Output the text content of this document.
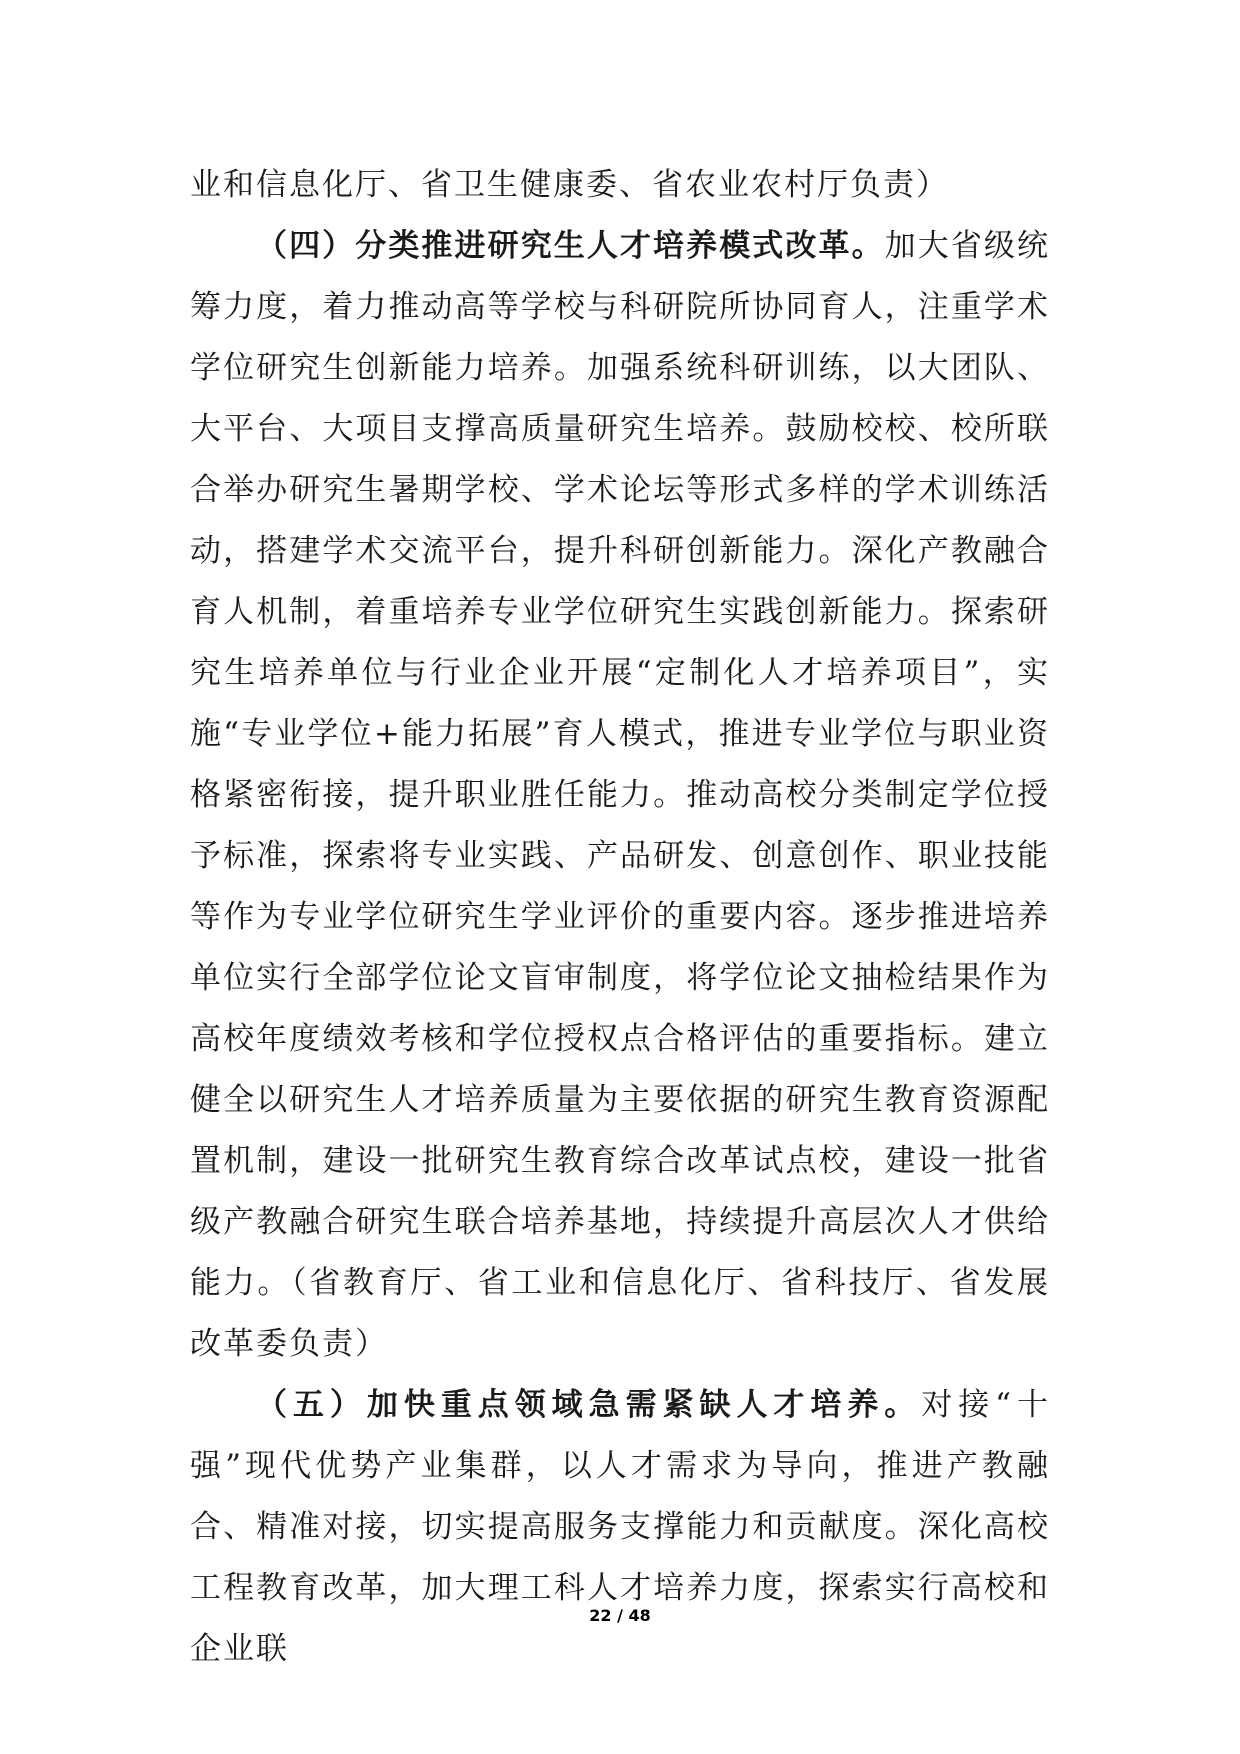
业和信息化厅、省卫生健康委、省农业农村厅负责）

（四）分类推进研究生人才培养模式改革。加大省级统筹力度，着力推动高等学校与科研院所协同育人，注重学术学位研究生创新能力培养。加强系统科研训练，以大团队、大平台、大项目支撑高质量研究生培养。鼓励校校、校所联合举办研究生暑期学校、学术论坛等形式多样的学术训练活动，搭建学术交流平台，提升科研创新能力。深化产教融合育人机制，着重培养专业学位研究生实践创新能力。探索研究生培养单位与行业企业开展“定制化人才培养项目”，实施“专业学位+能力拓展”育人模式，推进专业学位与职业资格紧密衔接，提升职业胜任能力。推动高校分类制定学位授予标准，探索将专业实践、产品研发、创意创作、职业技能等作为专业学位研究生学业评价的重要内容。逐步推进培养单位实行全部学位论文盲审制度，将学位论文抽检结果作为高校年度绩效考核和学位授权点合格评估的重要指标。建立健全以研究生人才培养质量为主要依据的研究生教育资源配置机制，建设一批研究生教育综合改革试点校，建设一批省级产教融合研究生联合培养基地，持续提升高层次人才供给能力。（省教育厅、省工业和信息化厅、省科技厅、省发展改革委负责）

（五）加快重点领域急需紧缺人才培养。对接“十强”现代优势产业集群，以人才需求为导向，推进产教融合、精准对接，切实提高服务支撑能力和贡献度。深化高校工程教育改革，加大理工科人才培养力度，探索实行高校和企业联

22 / 48
